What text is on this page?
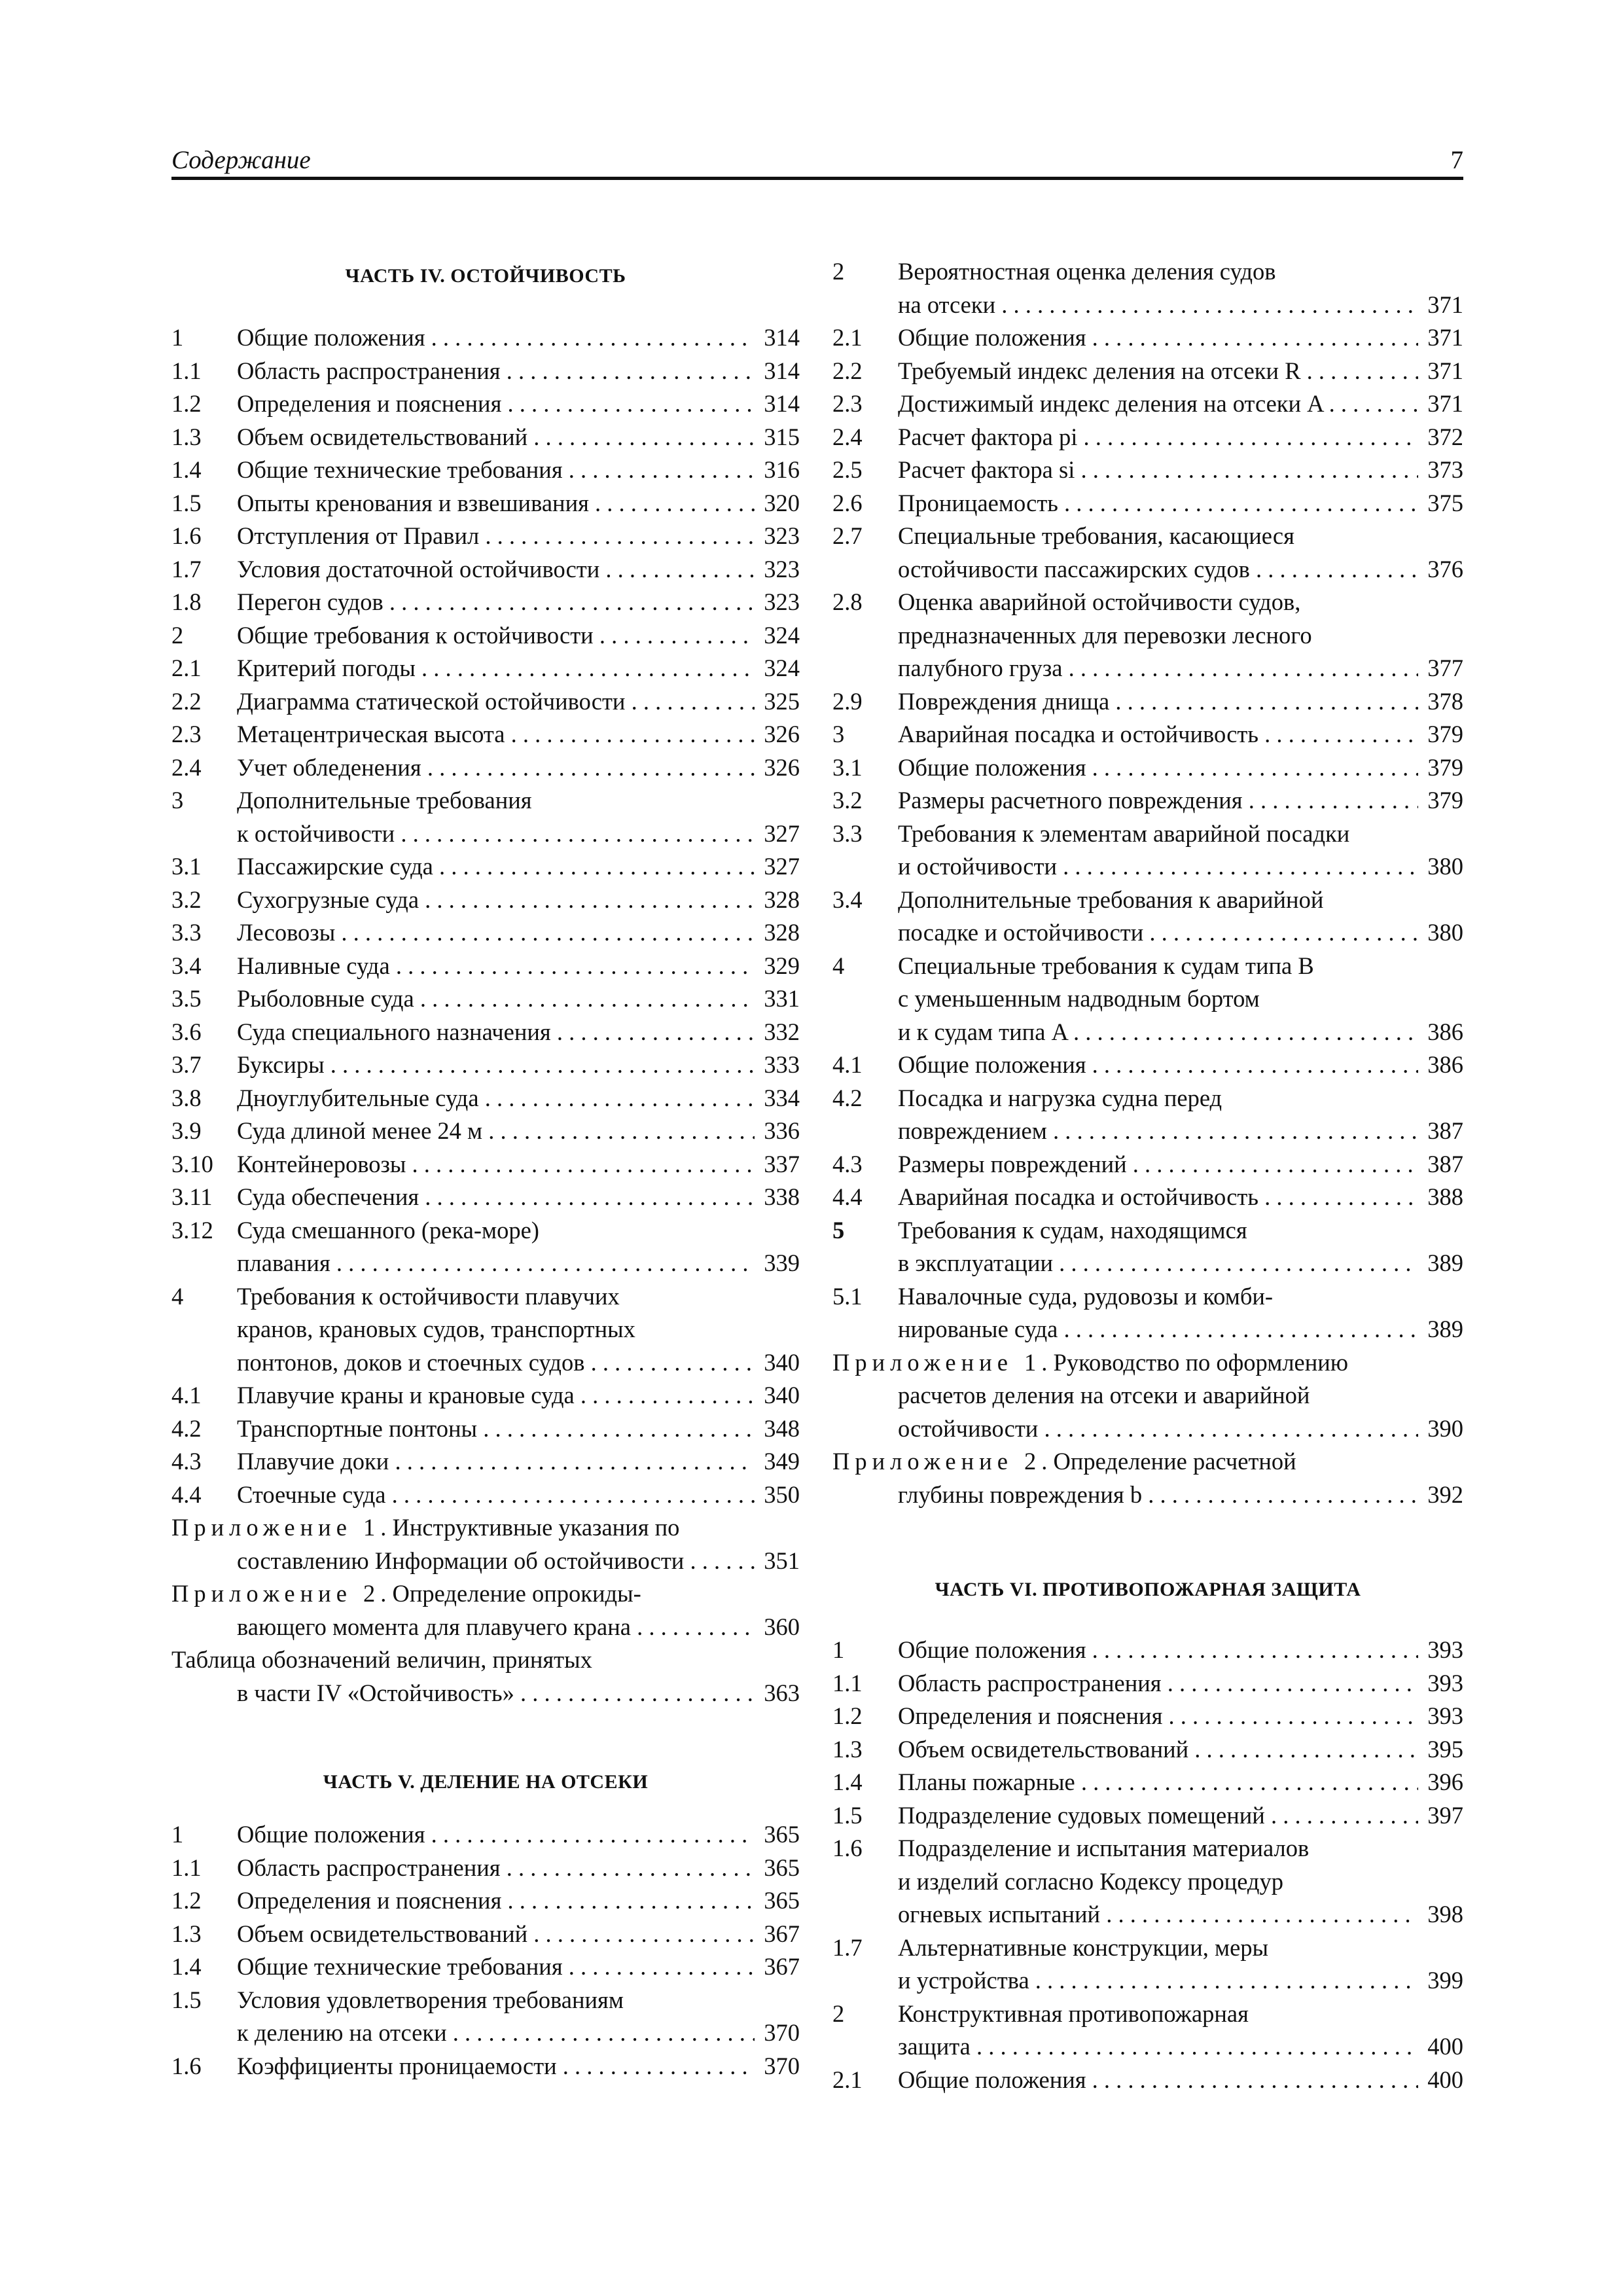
Содержание	7
ЧАСТЬ IV. ОСТОЙЧИВОСТЬ
1 Общие положения . . .	314
1.1 Область распространения . . .	314
1.2 Определения и пояснения . . .	314
1.3 Объем освидетельствований . . .	315
1.4 Общие технические требования . . .	316
1.5 Опыты кренования и взвешивания . . .	320
1.6 Отступления от Правил . . .	323
1.7 Условия достаточной остойчивости . . .	323
1.8 Перегон судов . . .	323
2 Общие требования к остойчивости . . .	324
2.1 Критерий погоды . . .	324
2.2 Диаграмма статической остойчивости . . .	325
2.3 Метацентрическая высота . . .	326
2.4 Учет обледенения . . .	326
3 Дополнительные требования
к остойчивости . . .	327
3.1 Пассажирские суда . . .	327
3.2 Сухогрузные суда . . .	328
3.3 Лесовозы . . .	328
3.4 Наливные суда . . .	329
3.5 Рыболовные суда . . .	331
3.6 Суда специального назначения . . .	332
3.7 Буксиры . . .	333
3.8 Дноуглубительные суда . . .	334
3.9 Суда длиной менее 24 м . . .	336
3.10 Контейнеровозы . . .	337
3.11 Суда обеспечения . . .	338
3.12 Суда смешанного (река-море)
плавания . . .	339
4 Требования к остойчивости плавучих
кранов, крановых судов, транспортных
понтонов, доков и стоечных судов . . .	340
4.1 Плавучие краны и крановые суда . . .	340
4.2 Транспортные понтоны . . .	348
4.3 Плавучие доки . . .	349
4.4 Стоечные суда . . .	350
Приложение 1. Инструктивные указания по
составлению Информации об остойчивости . . .	351
Приложение 2. Определение опрокиды-
вающего момента для плавучего крана . . .	360
Таблица обозначений величин, принятых
в части IV «Остойчивость» . . .	363
ЧАСТЬ V. ДЕЛЕНИЕ НА ОТСЕКИ
1 Общие положения . . .	365
1.1 Область распространения . . .	365
1.2 Определения и пояснения . . .	365
1.3 Объем освидетельствований . . .	367
1.4 Общие технические требования . . .	367
1.5 Условия удовлетворения требованиям
к делению на отсеки . . .	370
1.6 Коэффициенты проницаемости . . .	370
2 Вероятностная оценка деления судов
на отсеки . . .	371
2.1 Общие положения . . .	371
2.2 Требуемый индекс деления на отсеки R . . .	371
2.3 Достижимый индекс деления на отсеки A . . .	371
2.4 Расчет фактора pi . . .	372
2.5 Расчет фактора si . . .	373
2.6 Проницаемость . . .	375
2.7 Специальные требования, касающиеся
остойчивости пассажирских судов . . .	376
2.8 Оценка аварийной остойчивости судов,
предназначенных для перевозки лесного
палубного груза . . .	377
2.9 Повреждения днища . . .	378
3 Аварийная посадка и остойчивость . . .	379
3.1 Общие положения . . .	379
3.2 Размеры расчетного повреждения . . .	379
3.3 Требования к элементам аварийной посадки
и остойчивости . . .	380
3.4 Дополнительные требования к аварийной
посадке и остойчивости . . .	380
4 Специальные требования к судам типа B
с уменьшенным надводным бортом
и к судам типа A . . .	386
4.1 Общие положения . . .	386
4.2 Посадка и нагрузка судна перед
повреждением . . .	387
4.3 Размеры повреждений . . .	387
4.4 Аварийная посадка и остойчивость . . .	388
5 Требования к судам, находящимся
в эксплуатации . . .	389
5.1 Навалочные суда, рудовозы и комби-
нированые суда . . .	389
Приложение 1. Руководство по оформлению
расчетов деления на отсеки и аварийной
остойчивости . . .	390
Приложение 2. Определение расчетной
глубины повреждения b . . .	392
ЧАСТЬ VI. ПРОТИВОПОЖАРНАЯ ЗАЩИТА
1 Общие положения . . .	393
1.1 Область распространения . . .	393
1.2 Определения и пояснения . . .	393
1.3 Объем освидетельствований . . .	395
1.4 Планы пожарные . . .	396
1.5 Подразделение судовых помещений . . .	397
1.6 Подразделение и испытания материалов
и изделий согласно Кодексу процедур
огневых испытаний . . .	398
1.7 Альтернативные конструкции, меры
и устройства . . .	399
2 Конструктивная противопожарная
защита . . .	400
2.1 Общие положения . . .	400
